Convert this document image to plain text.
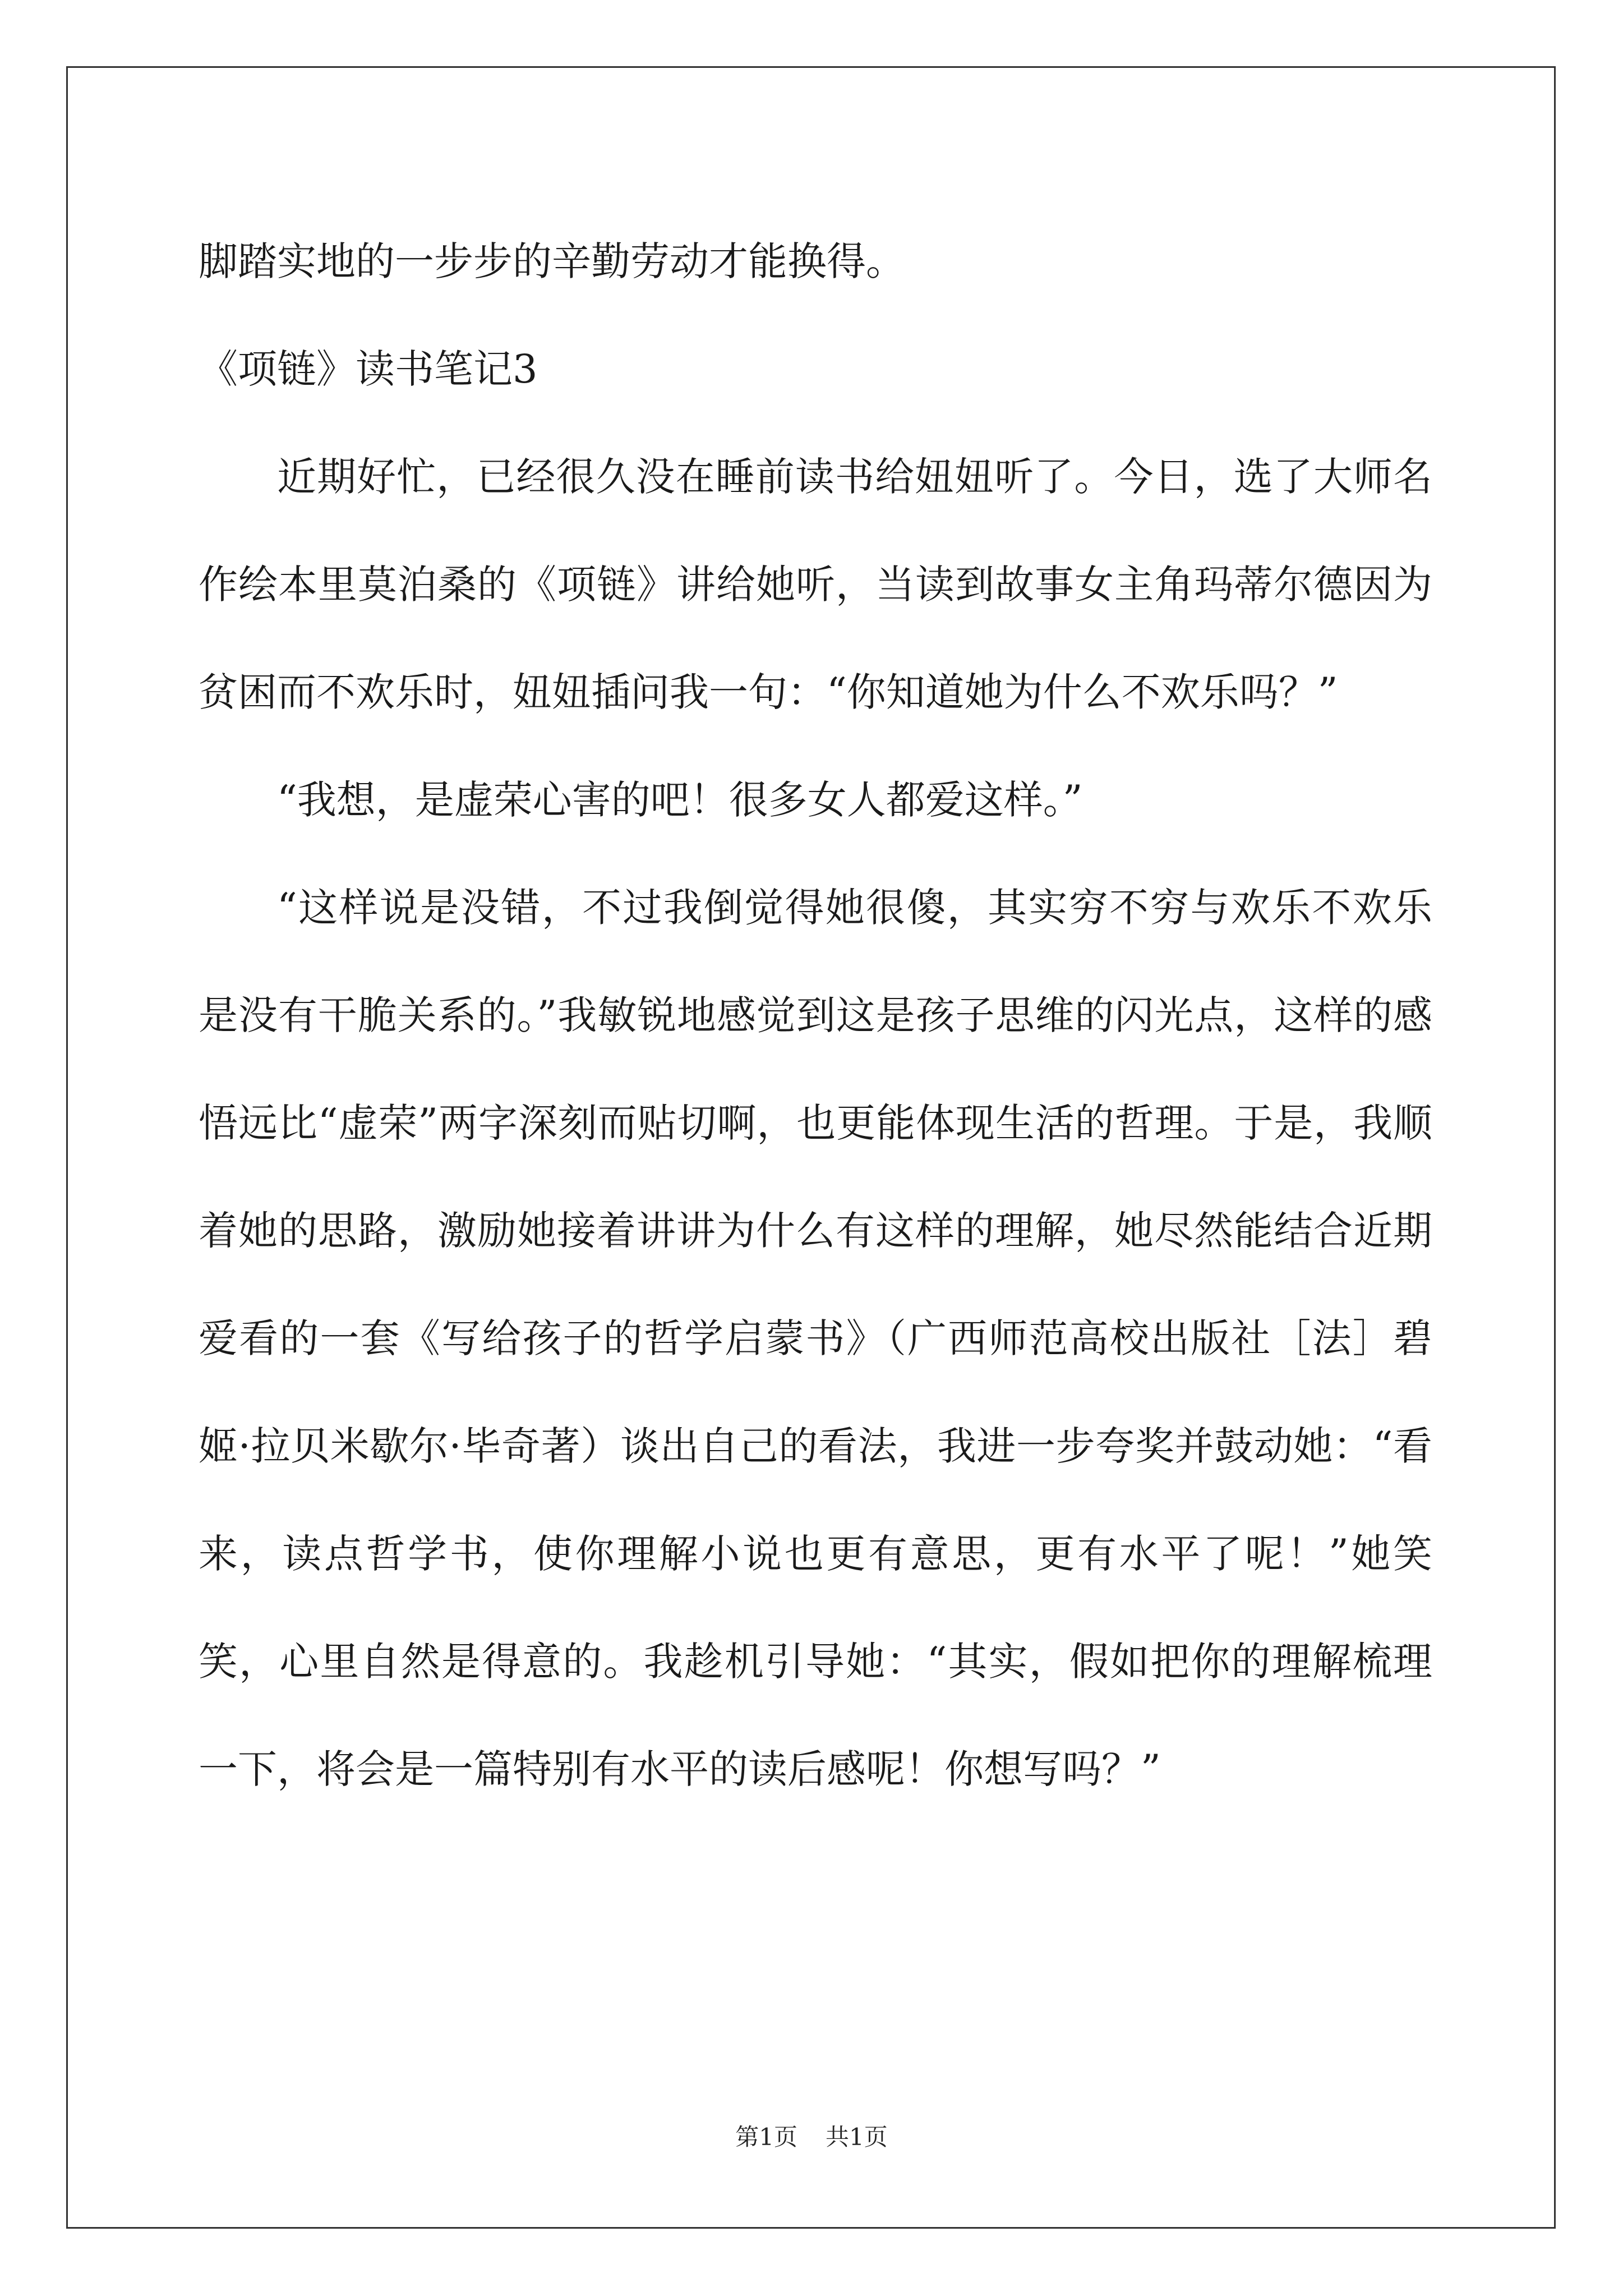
脚踏实地的一步步的辛勤劳动才能换得。

《项链》读书笔记3

近期好忙，已经很久没在睡前读书给妞妞听了。今日，选了大师名作绘本里莫泊桑的《项链》讲给她听，当读到故事女主角玛蒂尔德因为贫困而不欢乐时，妞妞插问我一句：“你知道她为什么不欢乐吗？”

“我想，是虚荣心害的吧！很多女人都爱这样。”

“这样说是没错，不过我倒觉得她很傻，其实穷不穷与欢乐不欢乐是没有干脆关系的。”我敏锐地感觉到这是孩子思维的闪光点，这样的感悟远比“虚荣”两字深刻而贴切啊，也更能体现生活的哲理。于是，我顺着她的思路，激励她接着讲讲为什么有这样的理解，她尽然能结合近期爱看的一套《写给孩子的哲学启蒙书》（广西师范高校出版社［法］碧姬·拉贝米歇尔·毕奇著）谈出自己的看法，我进一步夸奖并鼓动她：“看来，读点哲学书，使你理解小说也更有意思，更有水平了呢！”她笑笑，心里自然是得意的。我趁机引导她：“其实，假如把你的理解梳理一下，将会是一篇特别有水平的读后感呢！你想写吗？”

第1页 共1页
